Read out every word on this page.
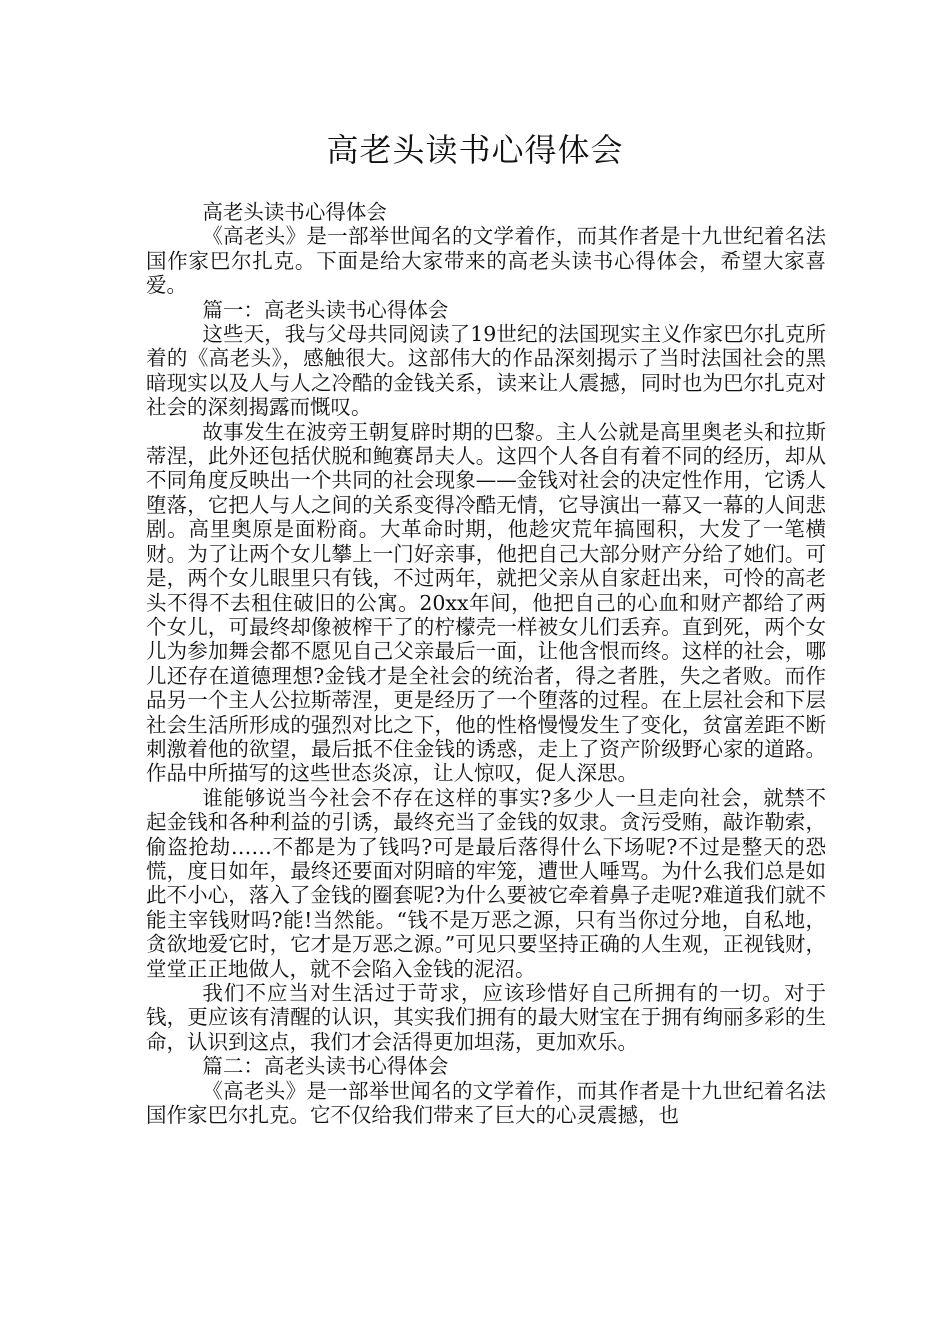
高老头读书心得体会

高老头读书心得体会

《高老头》是一部举世闻名的文学着作，而其作者是十九世纪着名法国作家巴尔扎克。下面是给大家带来的高老头读书心得体会，希望大家喜爱。

篇一：高老头读书心得体会

这些天，我与父母共同阅读了19世纪的法国现实主义作家巴尔扎克所着的《高老头》，感触很大。这部伟大的作品深刻揭示了当时法国社会的黑暗现实以及人与人之冷酷的金钱关系，读来让人震撼，同时也为巴尔扎克对社会的深刻揭露而慨叹。

故事发生在波旁王朝复辟时期的巴黎。主人公就是高里奥老头和拉斯蒂涅，此外还包括伏脱和鲍赛昂夫人。这四个人各自有着不同的经历，却从不同角度反映出一个共同的社会现象——金钱对社会的决定性作用，它诱人堕落，它把人与人之间的关系变得冷酷无情，它导演出一幕又一幕的人间悲剧。高里奥原是面粉商。大革命时期，他趁灾荒年搞囤积，大发了一笔横财。为了让两个女儿攀上一门好亲事，他把自己大部分财产分给了她们。可是，两个女儿眼里只有钱，不过两年，就把父亲从自家赶出来，可怜的高老头不得不去租住破旧的公寓。20xx年间，他把自己的心血和财产都给了两个女儿，可最终却像被榨干了的柠檬壳一样被女儿们丢弃。直到死，两个女儿为参加舞会都不愿见自己父亲最后一面，让他含恨而终。这样的社会，哪儿还存在道德理想?金钱才是全社会的统治者，得之者胜，失之者败。而作品另一个主人公拉斯蒂涅，更是经历了一个堕落的过程。在上层社会和下层社会生活所形成的强烈对比之下，他的性格慢慢发生了变化，贫富差距不断刺激着他的欲望，最后抵不住金钱的诱惑，走上了资产阶级野心家的道路。作品中所描写的这些世态炎凉，让人惊叹，促人深思。

谁能够说当今社会不存在这样的事实?多少人一旦走向社会，就禁不起金钱和各种利益的引诱，最终充当了金钱的奴隶。贪污受贿，敲诈勒索，偷盗抢劫……不都是为了钱吗?可是最后落得什么下场呢?不过是整天的恐慌，度日如年，最终还要面对阴暗的牢笼，遭世人唾骂。为什么我们总是如此不小心，落入了金钱的圈套呢?为什么要被它牵着鼻子走呢?难道我们就不能主宰钱财吗?能!当然能。“钱不是万恶之源，只有当你过分地，自私地，贪欲地爱它时，它才是万恶之源。”可见只要坚持正确的人生观，正视钱财，堂堂正正地做人，就不会陷入金钱的泥沼。

我们不应当对生活过于苛求，应该珍惜好自己所拥有的一切。对于钱，更应该有清醒的认识，其实我们拥有的最大财宝在于拥有绚丽多彩的生命，认识到这点，我们才会活得更加坦荡，更加欢乐。

篇二：高老头读书心得体会

《高老头》是一部举世闻名的文学着作，而其作者是十九世纪着名法国作家巴尔扎克。它不仅给我们带来了巨大的心灵震撼，也
